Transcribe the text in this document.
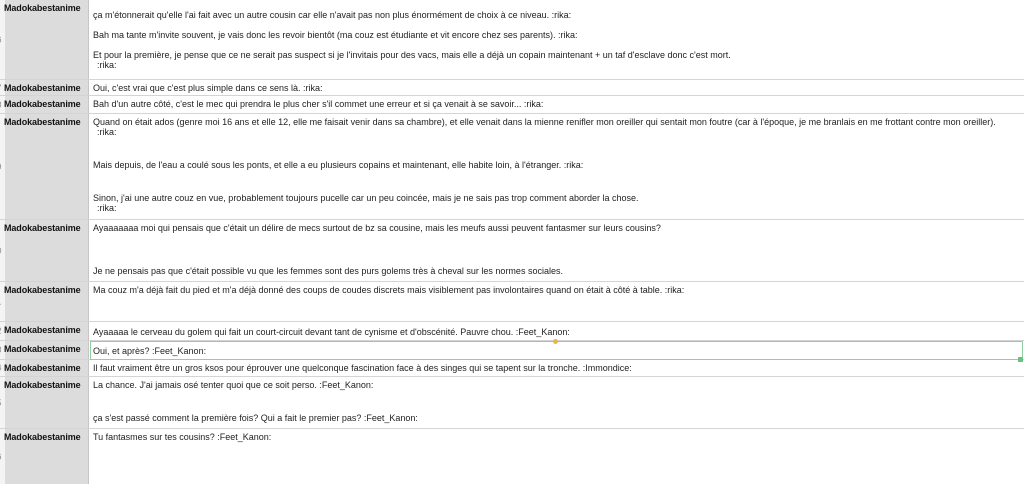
Madokabestanime
ça m'étonnerait qu'elle l'ai fait avec un autre cousin car elle n'avait pas non plus énormément de choix à ce niveau. :rika:
Bah ma tante m'invite souvent, je vais donc les revoir bientôt (ma couz est étudiante et vit encore chez ses parents). :rika:
Et pour la première, je pense que ce ne serait pas suspect si je l'invitais pour des vacs, mais elle a déjà un copain maintenant + un taf d'esclave donc c'est mort.
:rika:
Madokabestanime	Oui, c'est vrai que c'est plus simple dans ce sens là. :rika:
Madokabestanime	Bah d'un autre côté, c'est le mec qui prendra le plus cher s'il commet une erreur et si ça venait à se savoir... :rika:
Madokabestanime	Quand on était ados (genre moi 16 ans et elle 12, elle me faisait venir dans sa chambre), et elle venait dans la mienne renifler mon oreiller qui sentait mon foutre (car à l'époque, je me branlais en me frottant contre mon oreiller).
:rika:
Mais depuis, de l'eau a coulé sous les ponts, et elle a eu plusieurs copains et maintenant, elle habite loin, à l'étranger. :rika:
Sinon, j'ai une autre couz en vue, probablement toujours pucelle car un peu coincée, mais je ne sais pas trop comment aborder la chose.
:rika:
Madokabestanime	Ayaaaaaaa moi qui pensais que c'était un délire de mecs surtout de bz sa cousine, mais les meufs aussi peuvent fantasmer sur leurs cousins?
Je ne pensais pas que c'était possible vu que les femmes sont des purs golems très à cheval sur les normes sociales.
Madokabestanime	Ma couz m'a déjà fait du pied et m'a déjà donné des coups de coudes discrets mais visiblement pas involontaires quand on était à côté à table. :rika:
Madokabestanime	Ayaaaaa le cerveau du golem qui fait un court-circuit devant tant de cynisme et d'obscénité. Pauvre chou. :Feet_Kanon:
Madokabestanime	Oui, et après? :Feet_Kanon:
Madokabestanime	Il faut vraiment être un gros ksos pour éprouver une quelconque fascination face à des singes qui se tapent sur la tronche. :Immondice:
Madokabestanime	La chance. J'ai jamais osé tenter quoi que ce soit perso. :Feet_Kanon:
ça s'est passé comment la première fois? Qui a fait le premier pas? :Feet_Kanon:
Madokabestanime	Tu fantasmes sur tes cousins? :Feet_Kanon:
